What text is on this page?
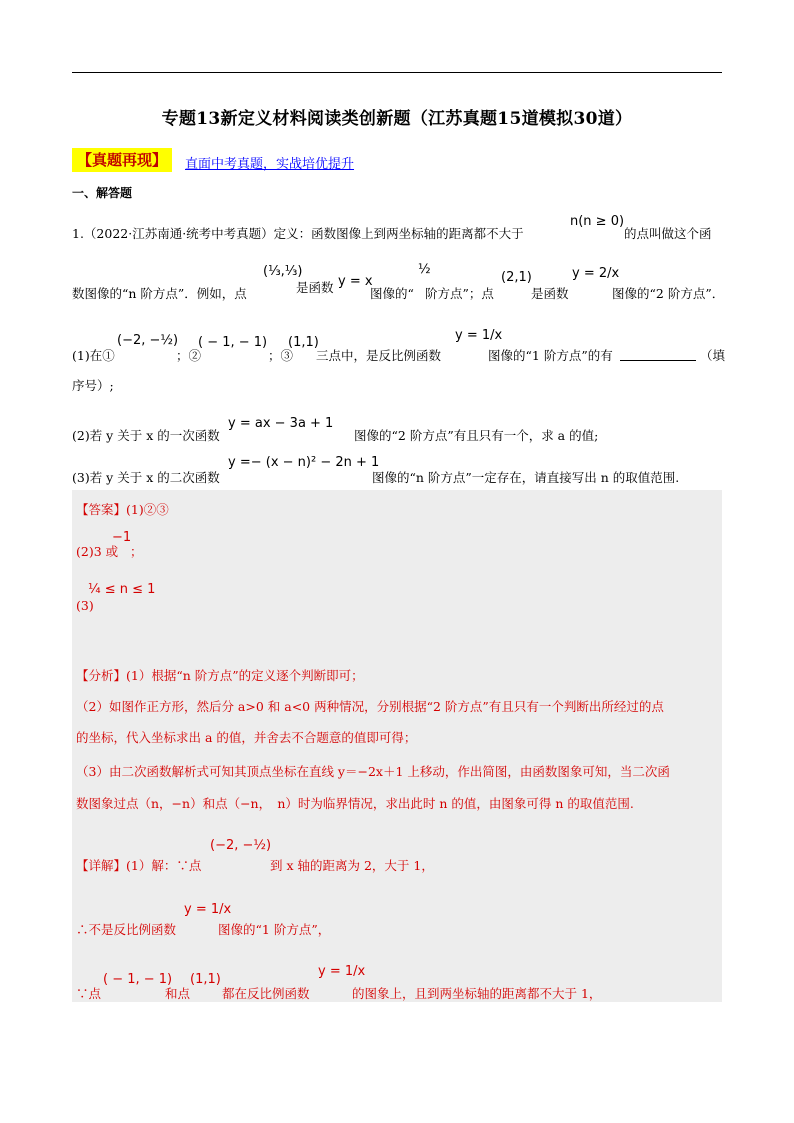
专题13新定义材料阅读类创新题（江苏真题15道模拟30道）
【真题再现】	直面中考真题，实战培优提升
一、解答题
1.（2022·江苏南通·统考中考真题）定义：函数图像上到两坐标轴的距离都不大于
n(n ≥ 0)
的点叫做这个函
数图像的“n 阶方点”．例如，点
(⅓,⅓)
是函数 y = x
图像的“
½
阶方点”；点
(2,1)
是函数
y = 2/x
图像的“2 阶方点”．
(1)在①
(−2, −½)
；②
( − 1, − 1)
；③
(1,1)
三点中，是反比例函数
y = 1/x
图像的“1 阶方点”的有	（填
序号）;
(2)若 y 关于 x 的一次函数
y = ax − 3a + 1
图像的“2 阶方点”有且只有一个，求 a 的值;
(3)若 y 关于 x 的二次函数
y =− (x − n)² − 2n + 1
图像的“n 阶方点”一定存在，请直接写出 n 的取值范围.
【答案】(1)②③
(2)3 或
−1
；
¼ ≤ n ≤ 1
(3)
【分析】(1）根据“n 阶方点”的定义逐个判断即可；
（2）如图作正方形，然后分 a>0 和 a<0 两种情况，分别根据“2 阶方点”有且只有一个判断出所经过的点
的坐标，代入坐标求出 a 的值，并舍去不合题意的值即可得；
（3）由二次函数解析式可知其顶点坐标在直线 y＝−2x＋1 上移动，作出简图，由函数图象可知，当二次函
数图象过点（n，−n）和点（−n，　n）时为临界情况，求出此时 n 的值，由图象可得 n 的取值范围.
【详解】(1）解：∵点
(−2, −½)
到 x 轴的距离为 2，大于 1，
∴不是反比例函数
y = 1/x
图像的“1 阶方点”，
∵点
( − 1, − 1)
和点
(1,1)
都在反比例函数
y = 1/x
的图象上，且到两坐标轴的距离都不大于 1，
